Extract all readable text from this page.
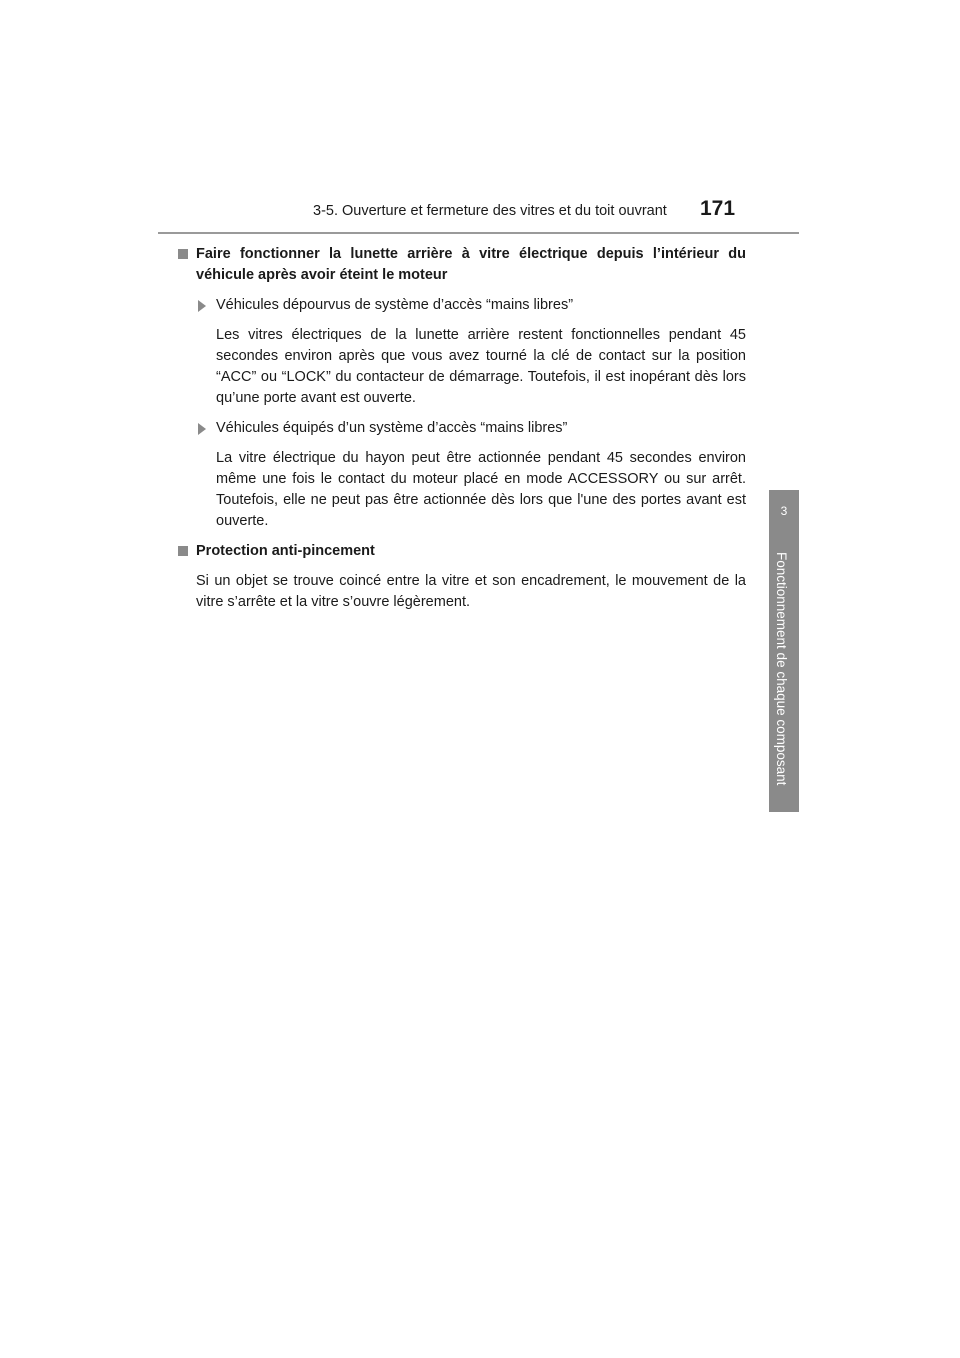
3-5. Ouverture et fermeture des vitres et du toit ouvrant 171
3
Fonctionnement de chaque composant
Faire fonctionner la lunette arrière à vitre électrique depuis l’intérieur du véhicule après avoir éteint le moteur
Véhicules dépourvus de système d’accès “mains libres”

Les vitres électriques de la lunette arrière restent fonctionnelles pendant 45 secondes environ après que vous avez tourné la clé de contact sur la position “ACC” ou “LOCK” du contacteur de démarrage. Toutefois, il est inopérant dès lors qu’une porte avant est ouverte.

Véhicules équipés d’un système d’accès “mains libres”

La vitre électrique du hayon peut être actionnée pendant 45 secondes environ même une fois le contact du moteur placé en mode ACCESSORY ou sur arrêt. Toutefois, elle ne peut pas être actionnée dès lors que l'une des portes avant est ouverte.

Protection anti-pincement

Si un objet se trouve coincé entre la vitre et son encadrement, le mouvement de la vitre s’arrête et la vitre s’ouvre légèrement.
